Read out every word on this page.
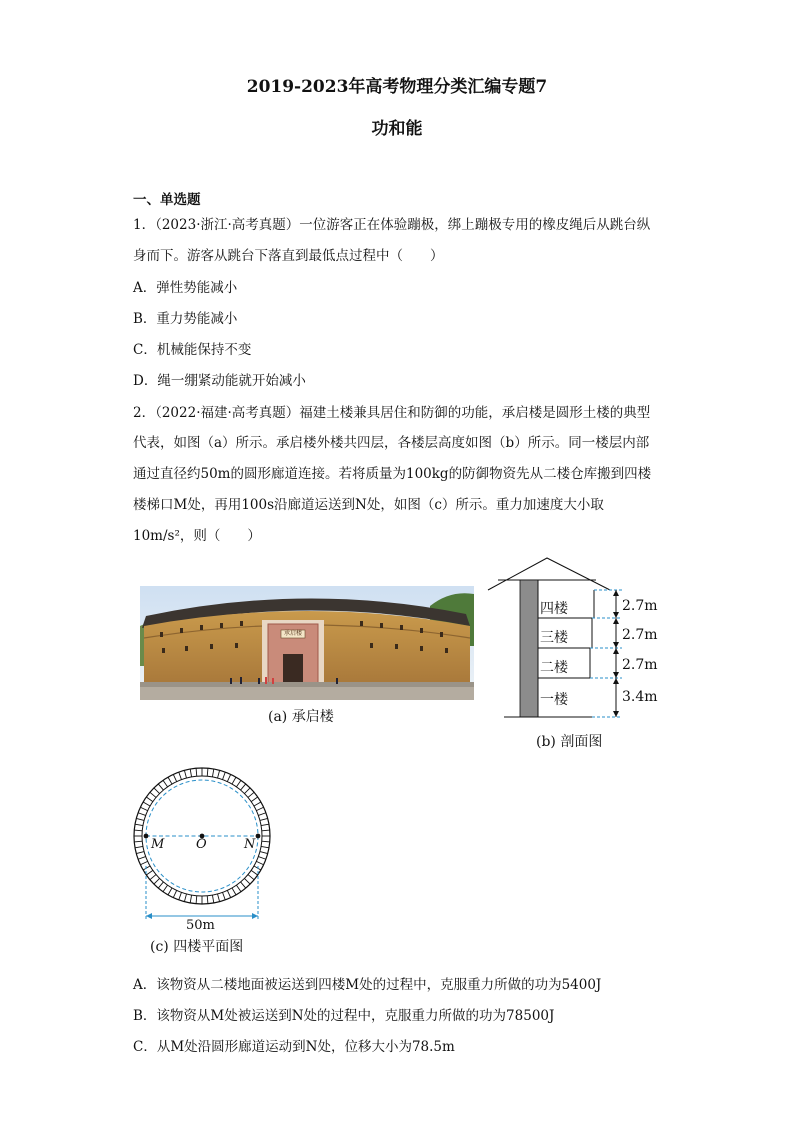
2019-2023年高考物理分类汇编专题7
功和能
一、单选题
1．（2023·浙江·高考真题）一位游客正在体验蹦极，绑上蹦极专用的橡皮绳后从跳台纵
身而下。游客从跳台下落直到最低点过程中（　　）
A．弹性势能减小
B．重力势能减小
C．机械能保持不变
D．绳一绷紧动能就开始减小
2．（2022·福建·高考真题）福建土楼兼具居住和防御的功能，承启楼是圆形土楼的典型
代表，如图（a）所示。承启楼外楼共四层，各楼层高度如图（b）所示。同一楼层内部
通过直径约50m的圆形廊道连接。若将质量为100kg的防御物资先从二楼仓库搬到四楼
楼梯口M处，再用100s沿廊道运送到N处，如图（c）所示。重力加速度大小取
10m/s²，则（　　）
承启楼
(a) 承启楼
四楼
三楼
二楼
一楼
2.7m
2.7m
2.7m
3.4m
(b) 剖面图
M O	N
50m
(c) 四楼平面图
A．该物资从二楼地面被运送到四楼M处的过程中，克服重力所做的功为5400J
B．该物资从M处被运送到N处的过程中，克服重力所做的功为78500J
C．从M处沿圆形廊道运动到N处，位移大小为78.5m
